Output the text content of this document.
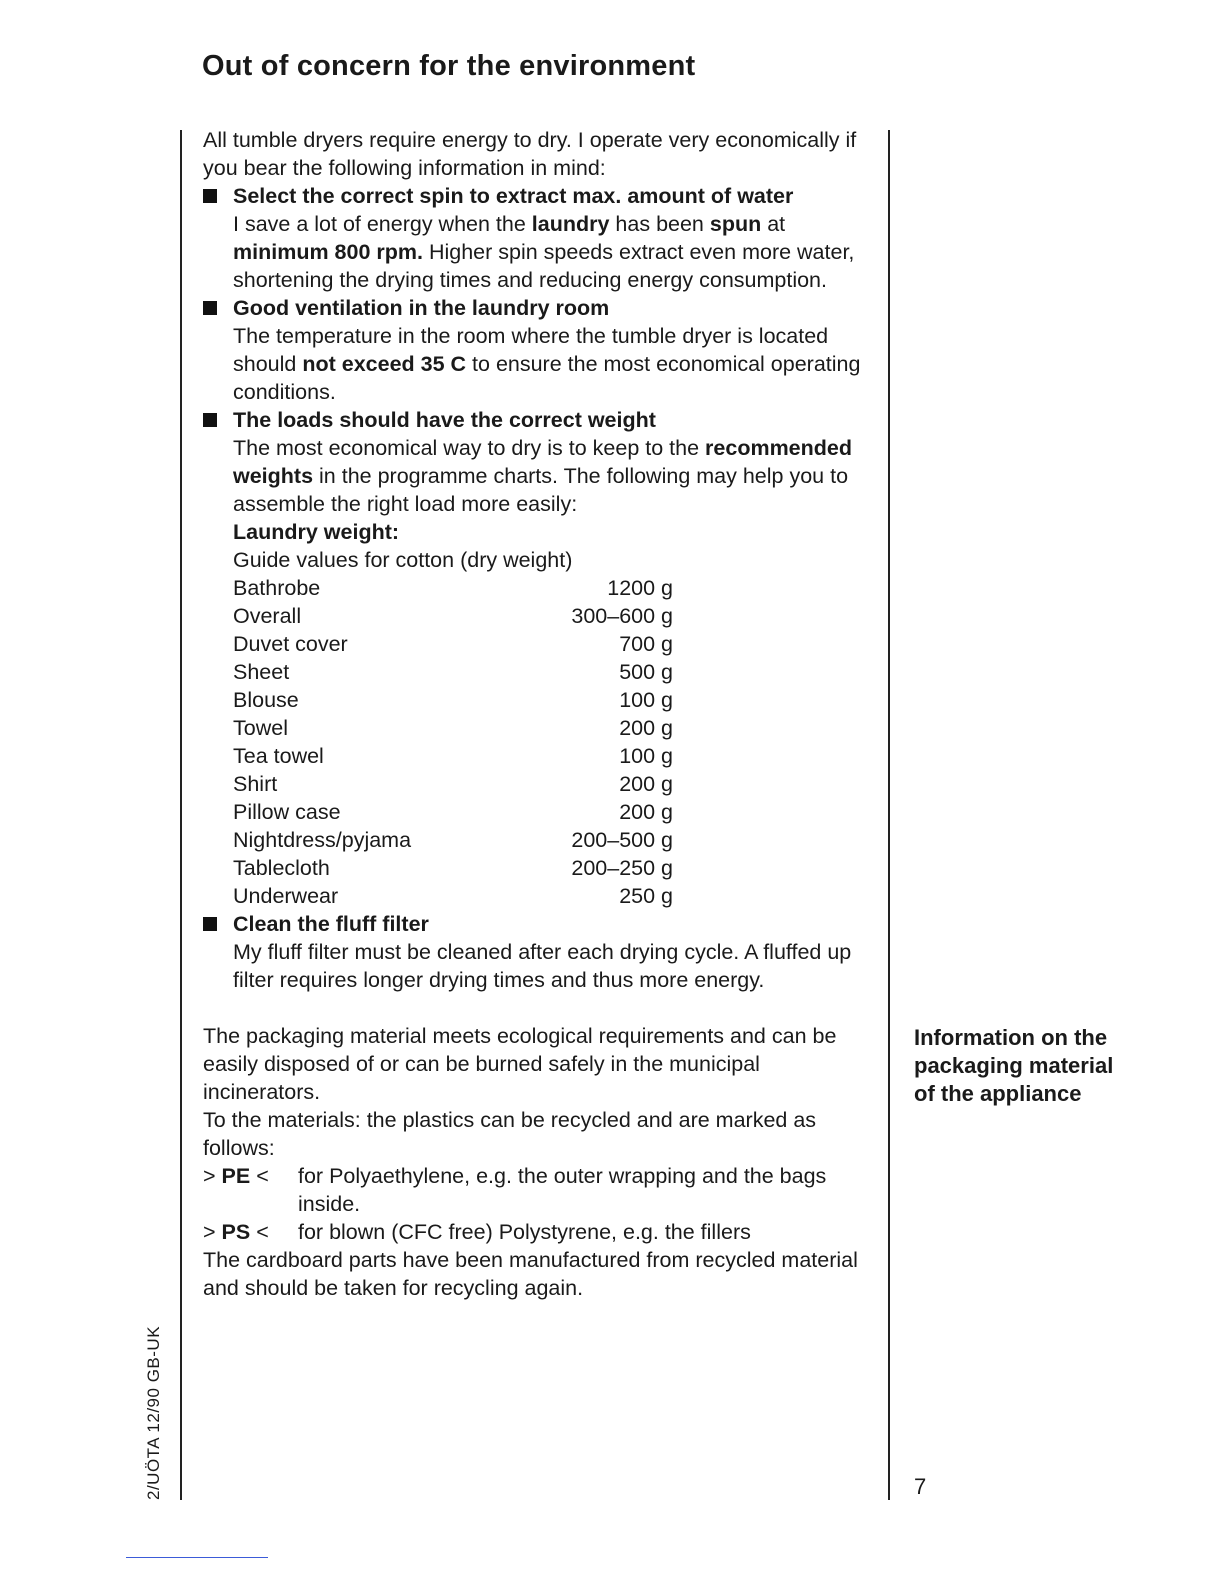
Out of concern for the environment

All tumble dryers require energy to dry. I operate very economically if you bear the following information in mind:

Select the correct spin to extract max. amount of water

I save a lot of energy when the laundry has been spun at minimum 800 rpm. Higher spin speeds extract even more water, shortening the drying times and reducing energy consumption.

Good ventilation in the laundry room

The temperature in the room where the tumble dryer is located should not exceed 35 C to ensure the most economical operating conditions.

The loads should have the correct weight

The most economical way to dry is to keep to the recommended weights in the programme charts. The following may help you to assemble the right load more easily:

Laundry weight:

Guide values for cotton (dry weight)

Bathrobe	1200 g
Overall	300–600 g
Duvet cover	700 g
Sheet	500 g
Blouse	100 g
Towel	200 g
Tea towel	100 g
Shirt	200 g
Pillow case	200 g
Nightdress/pyjama	200–500 g
Tablecloth	200–250 g
Underwear	250 g

Clean the fluff filter

My fluff filter must be cleaned after each drying cycle. A fluffed up filter requires longer drying times and thus more energy.

The packaging material meets ecological requirements and can be easily disposed of or can be burned safely in the municipal incinerators.

To the materials: the plastics can be recycled and are marked as follows:

> PE <	for Polyaethylene, e.g. the outer wrapping and the bags inside.
> PS <	for blown (CFC free) Polystyrene, e.g. the fillers

The cardboard parts have been manufactured from recycled material and should be taken for recycling again.

Information on the packaging material of the appliance

7
2/UÖTA 12/90 GB-UK
